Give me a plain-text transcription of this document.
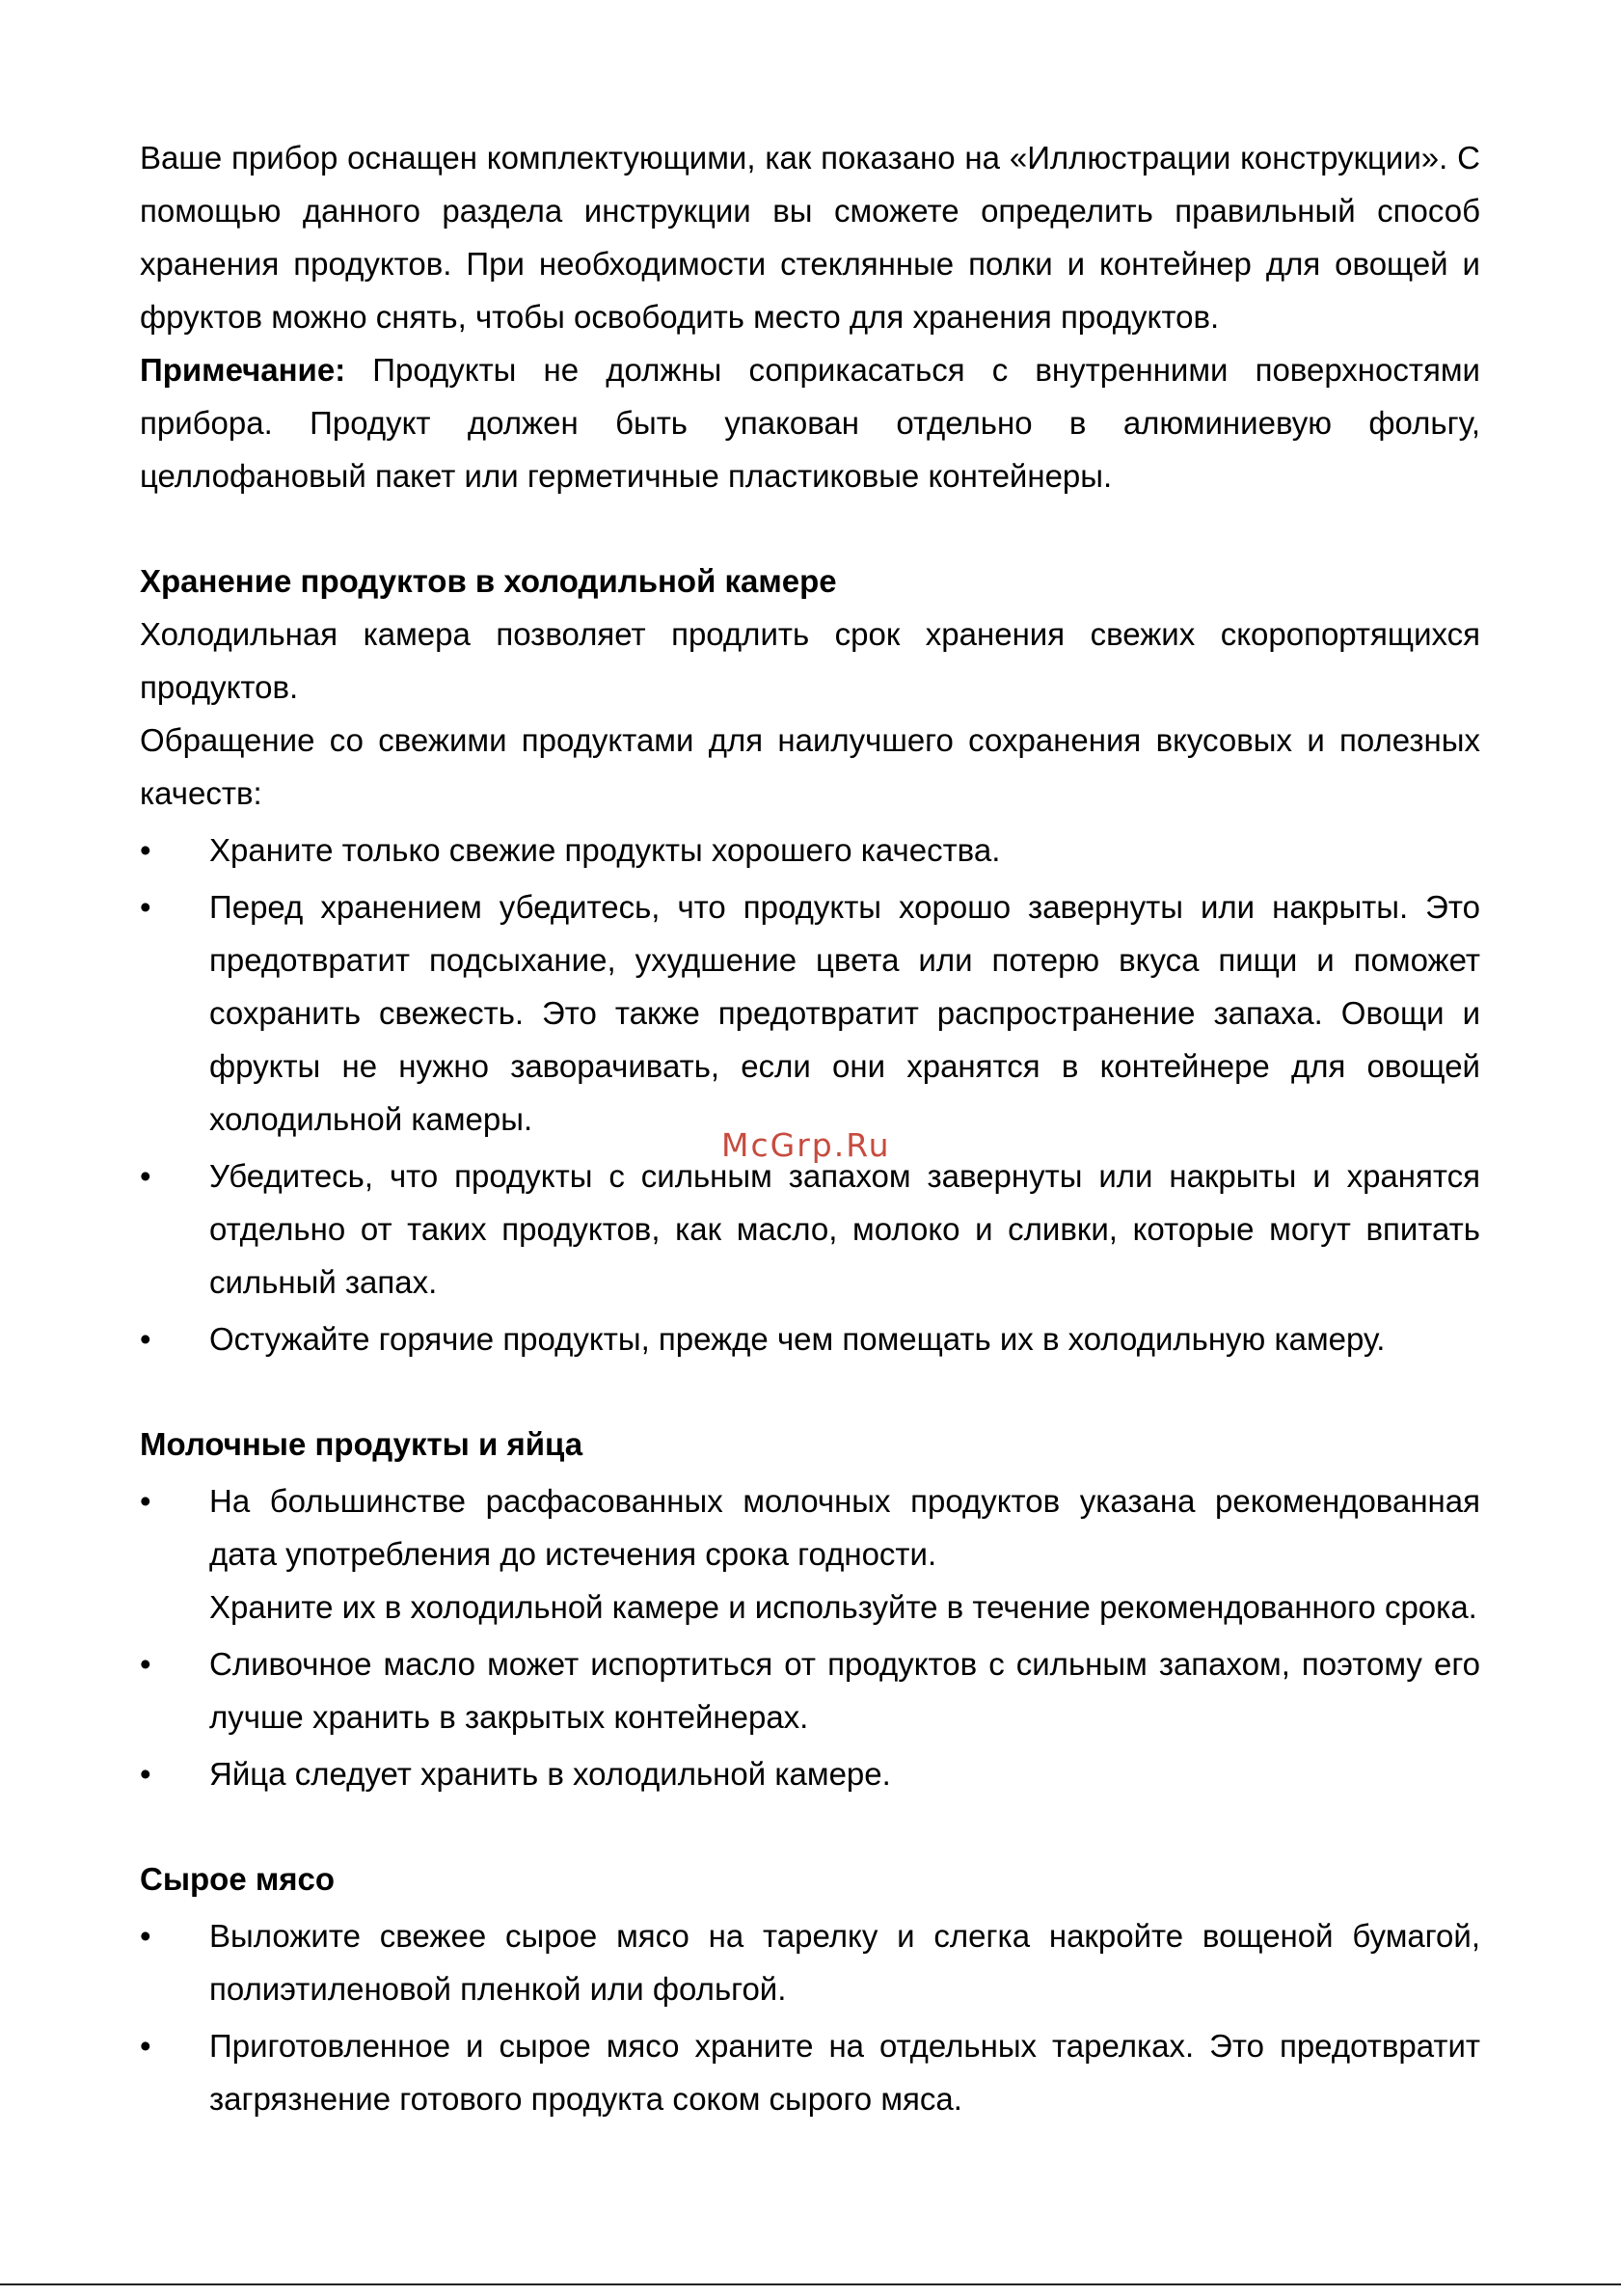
Ваше прибор оснащен комплектующими, как показано на «Иллюстрации конструкции». С помощью данного раздела инструкции вы сможете определить правильный способ хранения продуктов. При необходимости стеклянные полки и контейнер для овощей и фруктов можно снять, чтобы освободить место для хранения продуктов.

Примечание: Продукты не должны соприкасаться с внутренними поверхностями прибора. Продукт должен быть упакован отдельно в алюминиевую фольгу, целлофановый пакет или герметичные пластиковые контейнеры.

Хранение продуктов в холодильной камере

Холодильная камера позволяет продлить срок хранения свежих скоропортящихся продуктов.

Обращение со свежими продуктами для наилучшего сохранения вкусовых и полезных качеств:

• Храните только свежие продукты хорошего качества.

• Перед хранением убедитесь, что продукты хорошо завернуты или накрыты. Это предотвратит подсыхание, ухудшение цвета или потерю вкуса пищи и поможет сохранить свежесть. Это также предотвратит распространение запаха. Овощи и фрукты не нужно заворачивать, если они хранятся в контейнере для овощей холодильной камеры.

• Убедитесь, что продукты с сильным запахом завернуты или накрыты и хранятся отдельно от таких продуктов, как масло, молоко и сливки, которые могут впитать сильный запах.

• Остужайте горячие продукты, прежде чем помещать их в холодильную камеру.

Молочные продукты и яйца
• На большинстве расфасованных молочных продуктов указана рекомендованная дата употребления до истечения срока годности.

Храните их в холодильной камере и используйте в течение рекомендованного срока.

• Сливочное масло может испортиться от продуктов с сильным запахом, поэтому его лучше хранить в закрытых контейнерах.

• Яйца следует хранить в холодильной камере.

Сырое мясо
• Выложите свежее сырое мясо на тарелку и слегка накройте вощеной бумагой, полиэтиленовой пленкой или фольгой.

• Приготовленное и сырое мясо храните на отдельных тарелках. Это предотвратит загрязнение готового продукта соком сырого мяса.

McGrp.Ru
